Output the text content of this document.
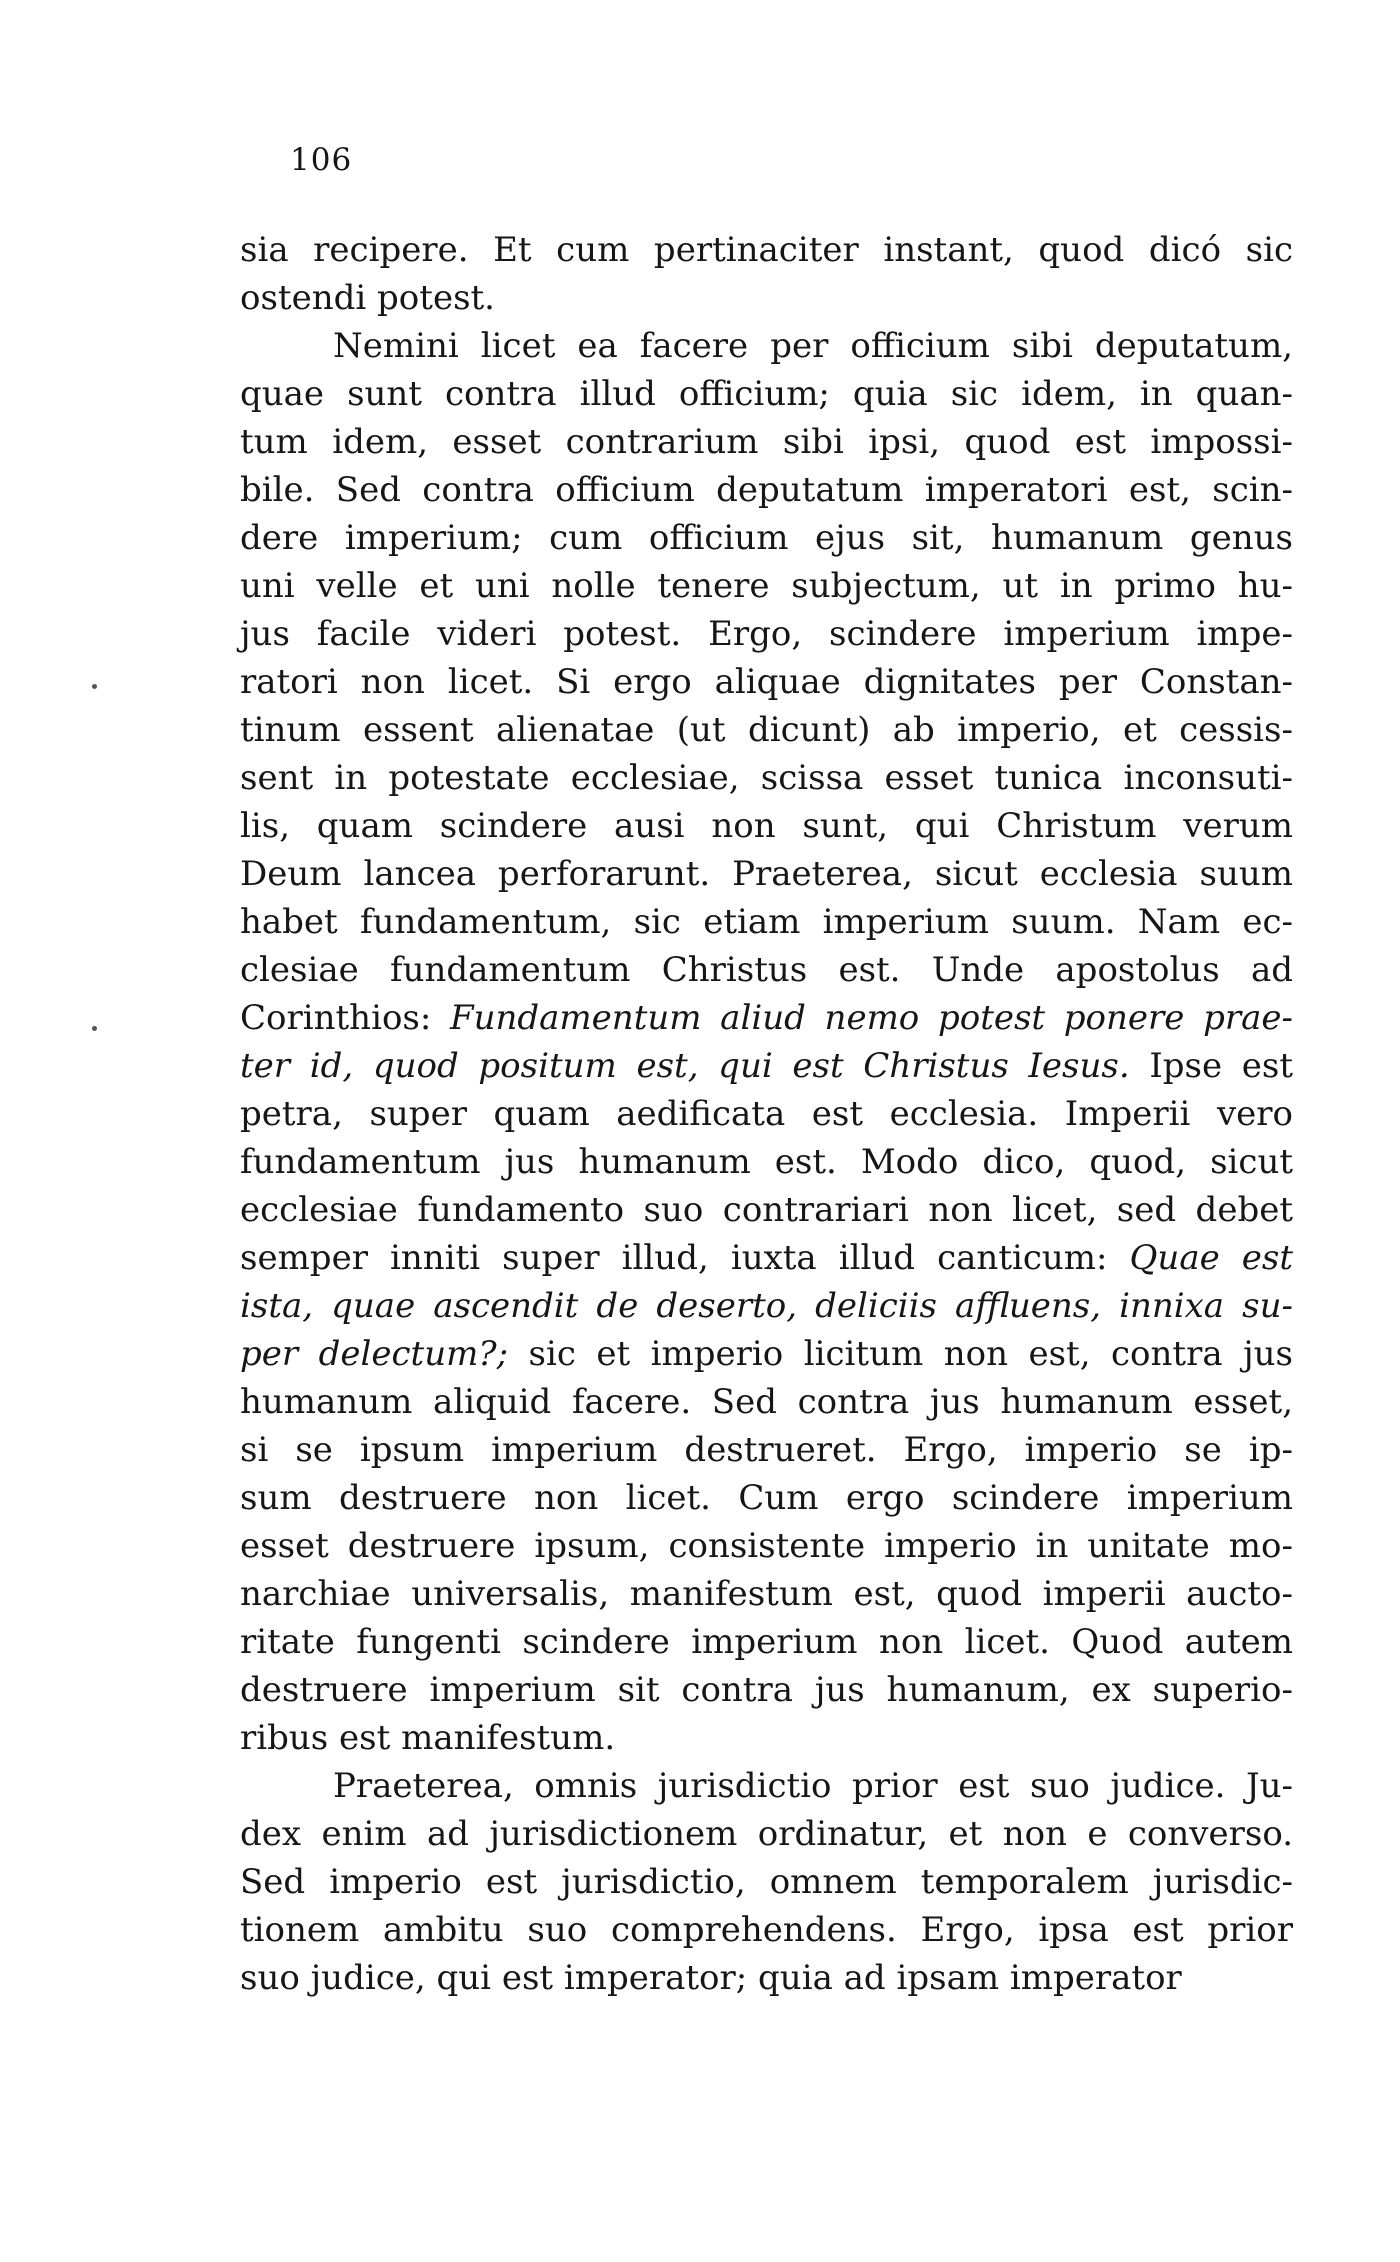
106
sia recipere. Et cum pertinaciter instant, quod dicó sic
ostendi potest.
Nemini licet ea facere per officium sibi deputatum,
quae sunt contra illud officium; quia sic idem, in quan-
tum idem, esset contrarium sibi ipsi, quod est impossi-
bile. Sed contra officium deputatum imperatori est, scin-
dere imperium; cum officium ejus sit, humanum genus
uni velle et uni nolle tenere subjectum, ut in primo hu-
jus facile videri potest. Ergo, scindere imperium impe-
ratori non licet. Si ergo aliquae dignitates per Constan-
tinum essent alienatae (ut dicunt) ab imperio, et cessis-
sent in potestate ecclesiae, scissa esset tunica inconsuti-
lis, quam scindere ausi non sunt, qui Christum verum
Deum lancea perforarunt. Praeterea, sicut ecclesia suum
habet fundamentum, sic etiam imperium suum. Nam ec-
clesiae fundamentum Christus est. Unde apostolus ad
Corinthios: Fundamentum aliud nemo potest ponere prae-
ter id, quod positum est, qui est Christus Iesus. Ipse est
petra, super quam aedificata est ecclesia. Imperii vero
fundamentum jus humanum est. Modo dico, quod, sicut
ecclesiae fundamento suo contrariari non licet, sed debet
semper inniti super illud, iuxta illud canticum: Quae est
ista, quae ascendit de deserto, deliciis affluens, innixa su-
per delectum?; sic et imperio licitum non est, contra jus
humanum aliquid facere. Sed contra jus humanum esset,
si se ipsum imperium destrueret. Ergo, imperio se ip-
sum destruere non licet. Cum ergo scindere imperium
esset destruere ipsum, consistente imperio in unitate mo-
narchiae universalis, manifestum est, quod imperii aucto-
ritate fungenti scindere imperium non licet. Quod autem
destruere imperium sit contra jus humanum, ex superio-
ribus est manifestum.
Praeterea, omnis jurisdictio prior est suo judice. Ju-
dex enim ad jurisdictionem ordinatur, et non e converso.
Sed imperio est jurisdictio, omnem temporalem jurisdic-
tionem ambitu suo comprehendens. Ergo, ipsa est prior
suo judice, qui est imperator; quia ad ipsam imperator
